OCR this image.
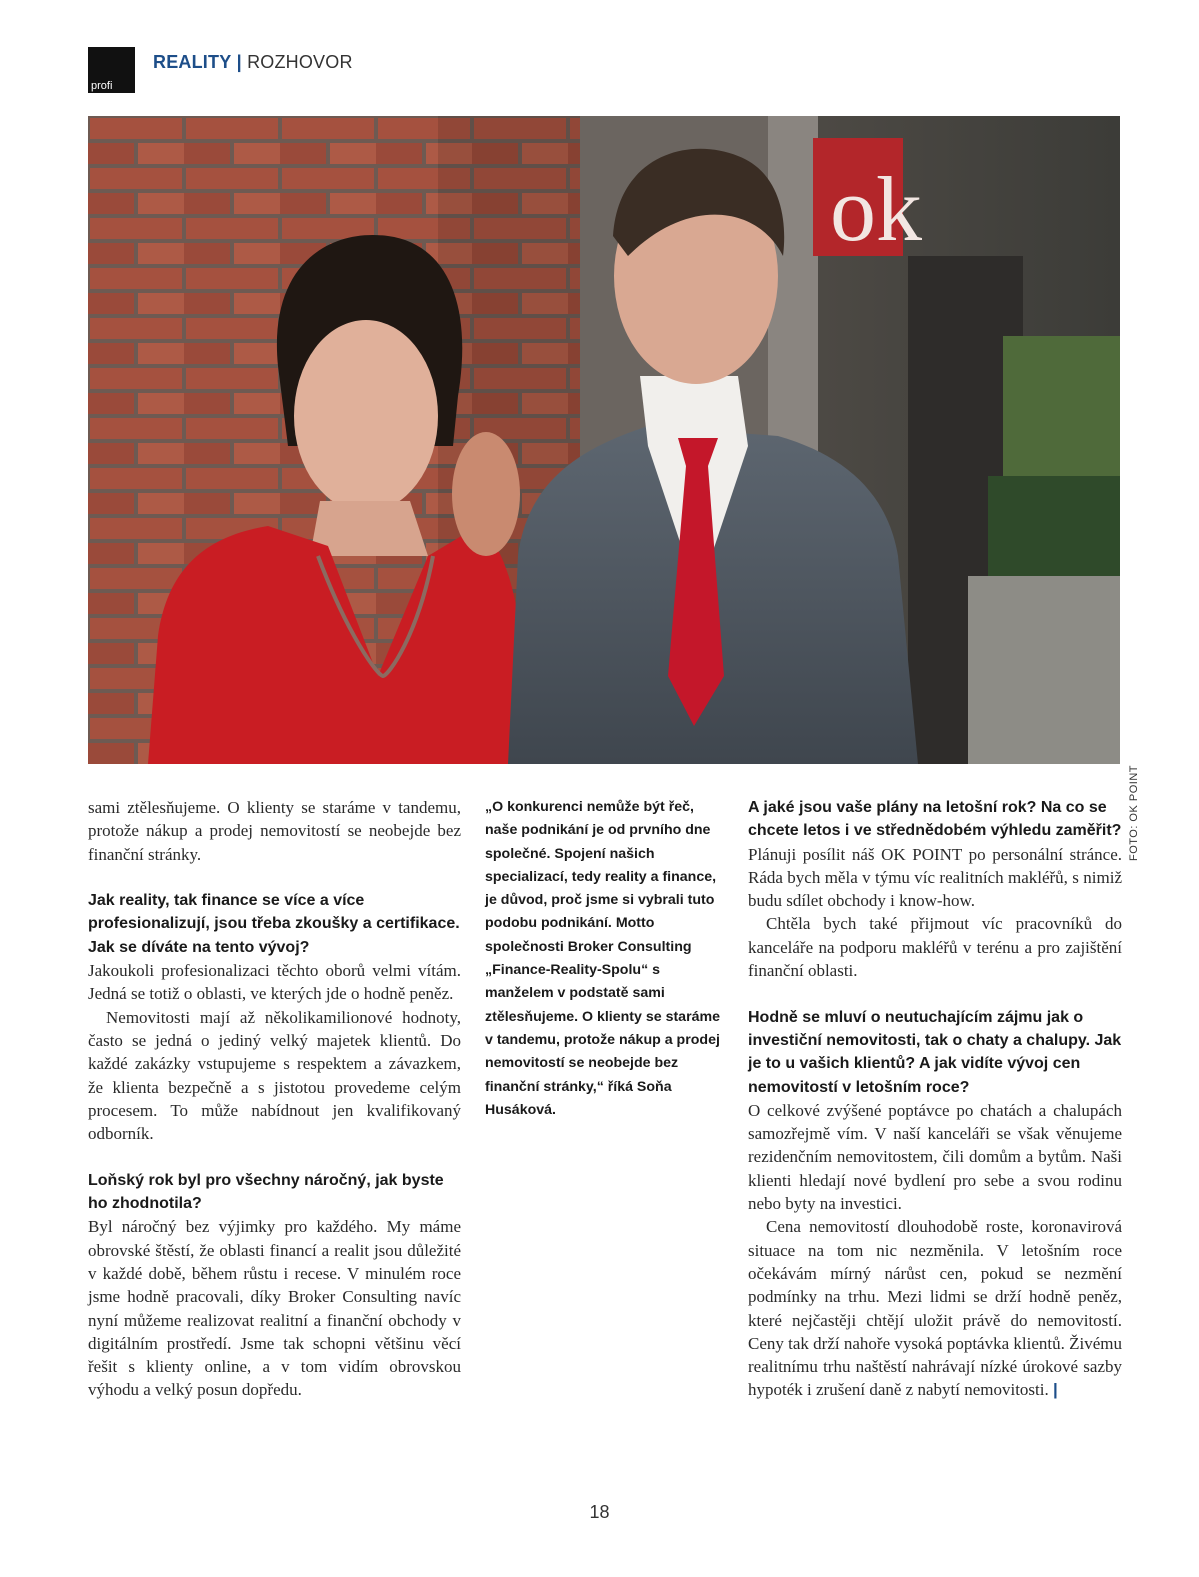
profi
REALITY | ROZHOVOR
ok
FOTO: OK POINT

sami ztělesňujeme. O klienty se staráme v tandemu, protože nákup a prodej nemovitostí se neobejde bez finanční stránky.

Jak reality, tak finance se více a více profesionalizují, jsou třeba zkoušky a certifikace. Jak se díváte na tento vývoj?

Jakoukoli profesionalizaci těchto oborů velmi vítám. Jedná se totiž o oblasti, ve kterých jde o hodně peněz.

Nemovitosti mají až několikamilionové hodnoty, často se jedná o jediný velký majetek klientů. Do každé zakázky vstupujeme s respektem a závazkem, že klienta bezpečně a s jistotou provedeme celým procesem. To může nabídnout jen kvalifikovaný odborník.

Loňský rok byl pro všechny náročný, jak byste ho zhodnotila?

Byl náročný bez výjimky pro každého. My máme obrovské štěstí, že oblasti financí a realit jsou důležité v každé době, během růstu i recese. V minulém roce jsme hodně pracovali, díky Broker Consulting navíc nyní můžeme realizovat realitní a finanční obchody v digitálním prostředí. Jsme tak schopni většinu věcí řešit s klienty online, a v tom vidím obrovskou výhodu a velký posun dopředu.

„O konkurenci nemůže být řeč, naše podnikání je od prvního dne společné. Spojení našich specializací, tedy reality a finance, je důvod, proč jsme si vybrali tuto podobu podnikání. Motto společnosti Broker Consulting „Finance-Reality-Spolu“ s manželem v podstatě sami ztělesňujeme. O klienty se staráme v tandemu, protože nákup a prodej nemovitostí se neobejde bez finanční stránky,“ říká Soňa Husáková.
A jaké jsou vaše plány na letošní rok? Na co se chcete letos i ve střednědobém výhledu zaměřit?

Plánuji posílit náš OK POINT po personální stránce. Ráda bych měla v týmu víc realitních makléřů, s nimiž budu sdílet obchody i know-how.

Chtěla bych také přijmout víc pracovníků do kanceláře na podporu makléřů v terénu a pro zajištění finanční oblasti.

Hodně se mluví o neutuchajícím zájmu jak o investiční nemovitosti, tak o chaty a chalupy. Jak je to u vašich klientů? A jak vidíte vývoj cen nemovitostí v letošním roce?

O celkové zvýšené poptávce po chatách a chalupách samozřejmě vím. V naší kanceláři se však věnujeme rezidenčním nemovitostem, čili domům a bytům. Naši klienti hledají nové bydlení pro sebe a svou rodinu nebo byty na investici.

Cena nemovitostí dlouhodobě roste, koronavirová situace na tom nic nezměnila. V letošním roce očekávám mírný nárůst cen, pokud se nezmění podmínky na trhu. Mezi lidmi se drží hodně peněz, které nejčastěji chtějí uložit právě do nemovitostí. Ceny tak drží nahoře vysoká poptávka klientů. Živému realitnímu trhu naštěstí nahrávají nízké úrokové sazby hypoték i zrušení daně z nabytí nemovitosti. |

18
